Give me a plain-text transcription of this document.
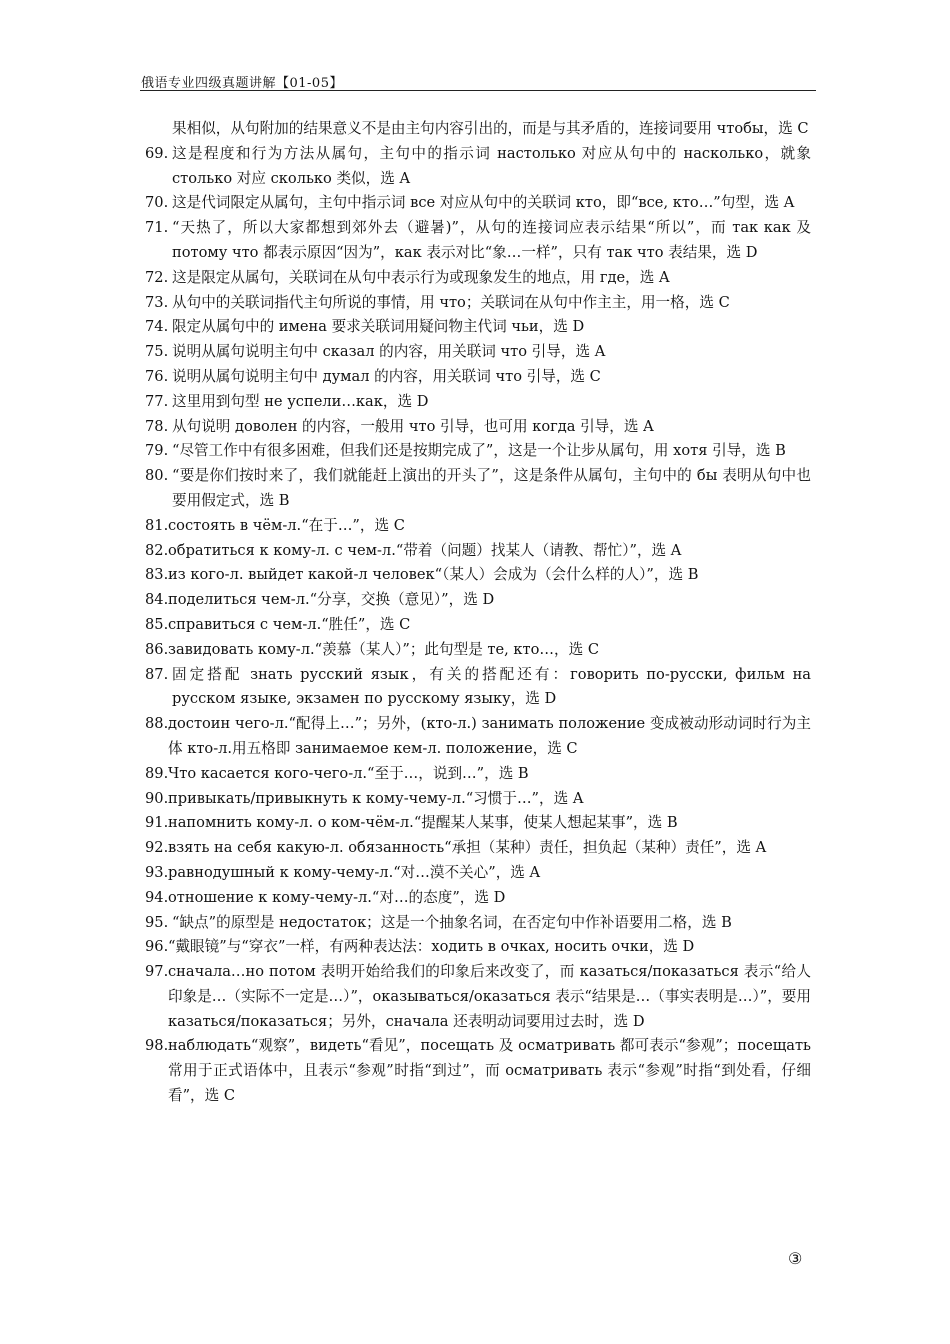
俄语专业四级真题讲解【01-05】
果相似，从句附加的结果意义不是由主句内容引出的，而是与其矛盾的，连接词要用 чтобы，选 C
69. 这是程度和行为方法从属句，主句中的指示词 настолько 对应从句中的 насколько，就象 столько 对应 сколько 类似，选 A
70. 这是代词限定从属句，主句中指示词 все 对应从句中的关联词 кто，即“все, кто…”句型，选 A
71. “天热了，所以大家都想到郊外去（避暑)”，从句的连接词应表示结果“所以”，而 так как 及 потому что 都表示原因“因为”，как 表示对比“象…一样”，只有 так что 表结果，选 D
72. 这是限定从属句，关联词在从句中表示行为或现象发生的地点，用 где，选 A
73. 从句中的关联词指代主句所说的事情，用 что；关联词在从句中作主主，用一格，选 C
74. 限定从属句中的 имена 要求关联词用疑问物主代词 чьи，选 D
75. 说明从属句说明主句中 сказал 的内容，用关联词 что 引导，选 A
76. 说明从属句说明主句中 думал 的内容，用关联词 что 引导，选 C
77. 这里用到句型 не успели…как，选 D
78. 从句说明 доволен 的内容，一般用 что 引导，也可用 когда 引导，选 A
79. “尽管工作中有很多困难，但我们还是按期完成了”，这是一个让步从属句，用 хотя 引导，选 B
80. “要是你们按时来了，我们就能赶上演出的开头了”，这是条件从属句，主句中的 бы 表明从句中也要用假定式，选 B
81. состоять в чём-л.“在于…”，选 C
82. обратиться к кому-л. с чем-л.“带着（问题）找某人（请教、帮忙）”，选 A
83. из кого-л. выйдет какой-л человек“（某人）会成为（会什么样的人）”，选 B
84. поделиться чем-л.“分享，交换（意见）”，选 D
85. справиться с чем-л.“胜任”，选 C
86. завидовать кому-л.“羡慕（某人）”；此句型是 те, кто…，选 C
87. 固定搭配 знать русский язык，有关的搭配还有：говорить по-русски, фильм на русском языке, экзамен по русскому языку，选 D
88. достоин чего-л.“配得上…”；另外，(кто-л.) занимать положение 变成被动形动词时行为主体 кто-л.用五格即 занимаемое кем-л. положение，选 C
89. Что касается кого-чего-л.“至于…，说到…”，选 B
90. привыкать/привыкнуть к кому-чему-л.“习惯于…”，选 A
91. напомнить кому-л. о ком-чём-л.“提醒某人某事，使某人想起某事”，选 B
92. взять на себя какую-л. обязанность“承担（某种）责任，担负起（某种）责任”，选 A
93. равнодушный к кому-чему-л.“对…漠不关心”，选 A
94. отношение к кому-чему-л.“对…的态度”，选 D
95. “缺点”的原型是 недостаток；这是一个抽象名词，在否定句中作补语要用二格，选 B
96. “戴眼镜”与“穿衣”一样，有两种表达法：ходить в очках, носить очки，选 D
97. сначала…но потом 表明开始给我们的印象后来改变了，而 казаться/показаться 表示“给人印象是…（实际不一定是…）”，оказываться/оказаться 表示“结果是…（事实表明是…）”，要用 казаться/показаться；另外，сначала 还表明动词要用过去时，选 D
98. наблюдать“观察”，видеть“看见”，посещать 及 осматривать 都可表示“参观”；посещать 常用于正式语体中，且表示“参观”时指“到过”，而 осматривать 表示“参观”时指“到处看，仔细看”，选 C
③
